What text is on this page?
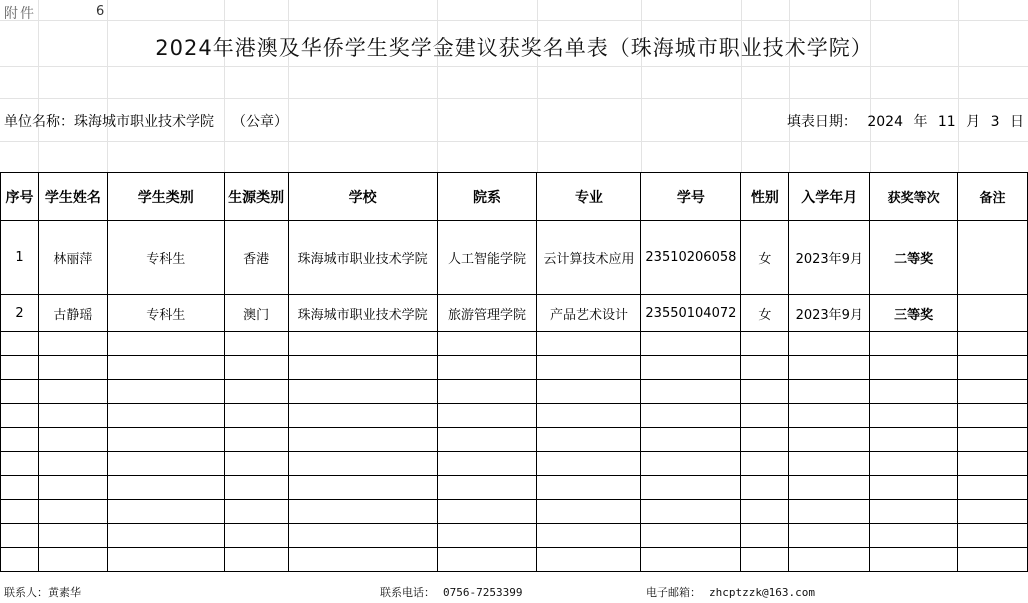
附件	6
2024年港澳及华侨学生奖学金建议获奖名单表（珠海城市职业技术学院）
单位名称：珠海城市职业技术学院 （公章）	填表日期： 2024 年 11 月 3 日
序号	学生姓名	学生类别	生源类别	学校	院系	专业	学号	性别	入学年月	获奖等次	备注
1	林丽萍	专科生	香港	珠海城市职业技术学院	人工智能学院	云计算技术应用	23510206058	女	2023年9月	二等奖	
2	古静瑶	专科生	澳门	珠海城市职业技术学院	旅游管理学院	产品艺术设计	23550104072	女	2023年9月	三等奖	

联系人：黄素华	联系电话： 0756-7253399	电子邮箱： zhcptzzk@163.com
